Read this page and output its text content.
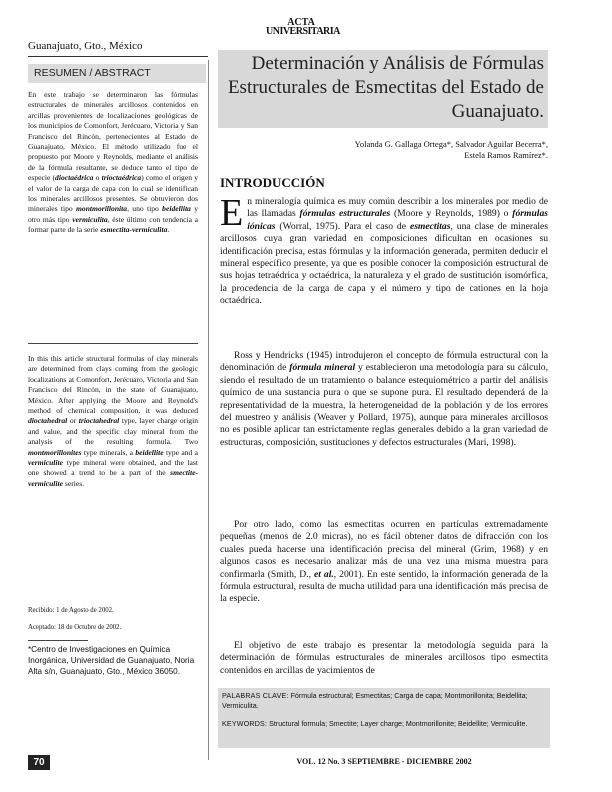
Guanajuato, Gto., México
ACTA
UNIVERSITARIA
RESUMEN / ABSTRACT	Determinación y Análisis de Fórmulas Estructurales de Esmectitas del Estado de Guanajuato.
Yolanda G. Gallaga Ortega*, Salvador Aguilar Becerra*,
Estela Ramos Ramírez*.
En este trabajo se determinaron las fórmulas estructurales de minerales arcillosos contenidos en arcillas provenientes de localizaciones geológicas de los municipios de Comonfort, Jerécuaro, Victoria y San Francisco del Rincón, pertenecientes al Estado de Guanajuato, México. El método utilizado fue el propuesto por Moore y Reynolds, mediante el análisis de la fórmula resultante, se deduce tanto el tipo de especie (dioctaédrica o trioctaédrica) como el origen y el valor de la carga de capa con lo cual se identifican los minerales arcillosos presentes. Se obtuvieron dos minerales tipo montmorillonita, uno tipo beidellita y otro más tipo vermiculita, éste último con tendencia a formar parte de la serie esmectita-vermiculita.
In this this article structural formulas of clay minerals are determined from clays coming from the geologic localizations at Comonfort, Jerécuaro, Victoria and San Francisco del Rincón, in the state of Guanajuato, México. After applying the Moore and Reynold's method of chemical composition, it was deduced dioctahedral or trioctahedral type, layer charge origin and value, and the specific clay mineral from the analysis of the resulting formula. Two montmorillonites type minerals, a beidellite type and a vermiculite type mineral were obtained, and the last one showed a trend to be a part of the smectite-vermiculite series.
Recibido: 1 de Agosto de 2002.
Aceptado: 18 de Octubre de 2002.
*Centro de Investigaciones en Química Inorgánica, Universidad de Guanajuato, Noria Alta s/n, Guanajuato, Gto., México 36050.
INTRODUCCIÓN
En mineralogía química es muy común describir a los minerales por medio de las llamadas fórmulas estructurales (Moore y Reynolds, 1989) o fórmulas iónicas (Worral, 1975). Para el caso de esmectitas, una clase de minerales arcillosos cuya gran variedad en composiciones dificultan en ocasiones su identificación precisa, estas fórmulas y la información generada, permiten deducir el mineral específico presente, ya que es posible conocer la composición estructural de sus hojas tetraédrica y octaédrica, la naturaleza y el grado de sustitución isomórfica, la procedencia de la carga de capa y el número y tipo de cationes en la hoja octaédrica.
Ross y Hendricks (1945) introdujeron el concepto de fórmula estructural con la denominación de fórmula mineral y establecieron una metodología para su cálculo, siendo el resultado de un tratamiento o balance estequiométrico a partir del análisis químico de una sustancia pura o que se supone pura. El resultado dependerá de la representatividad de la muestra, la heterogeneidad de la población y de los errores del muestreo y análisis (Weaver y Pollard, 1975), aunque para minerales arcillosos no es posible aplicar tan estrictamente reglas generales debido a la gran variedad de estructuras, composición, sustituciones y defectos estructurales (Mari, 1998).
Por otro lado, como las esmectitas ocurren en partículas extremadamente pequeñas (menos de 2.0 micras), no es fácil obtener datos de difracción con los cuales pueda hacerse una identificación precisa del mineral (Grim, 1968) y en algunos casos es necesario analizar más de una vez una misma muestra para confirmarla (Smith, D., et al., 2001). En este sentido, la información generada de la fórmula estructural, resulta de mucha utilidad para una identificación más precisa de la especie.
El objetivo de este trabajo es presentar la metodología seguida para la determinación de fórmulas estructurales de minerales arcillosos tipo esmectita contenidos en arcillas de yacimientos de
PALABRAS CLAVE: Fórmula estructural; Esmectitas; Carga de capa; Montmorillonita; Beidellita; Vermiculita.
KEYWORDS: Structural formula; Smectite; Layer charge; Montmorillonite; Beidellite; Vermiculite.
70	VOL. 12 No. 3 SEPTIEMBRE - DICIEMBRE 2002
